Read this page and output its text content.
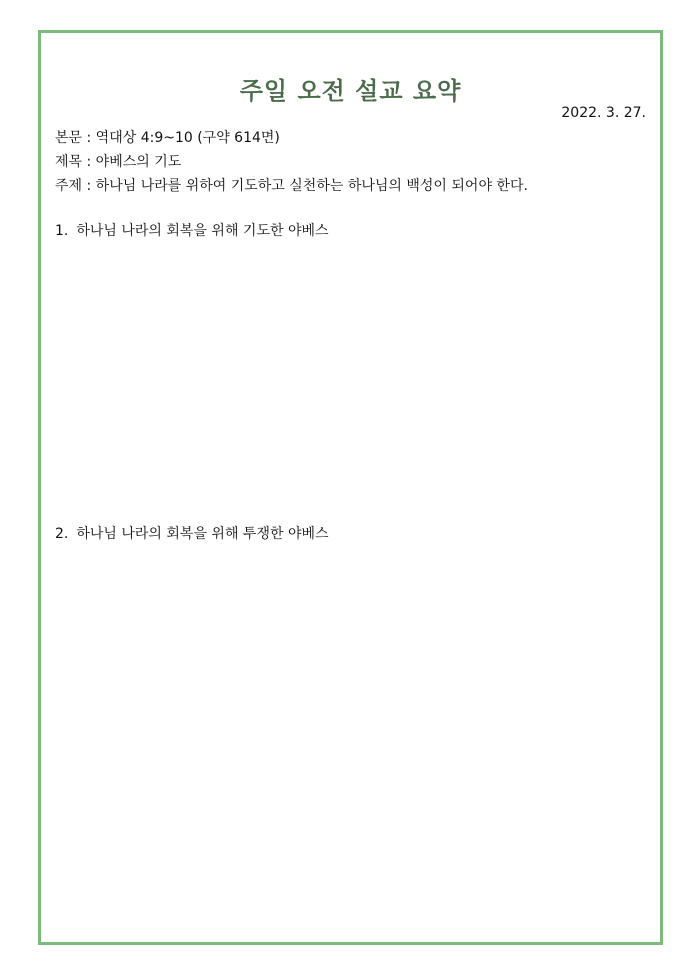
주일 오전 설교 요약
2022. 3. 27.
본문 : 역대상 4:9~10 (구약 614면)
제목 : 야베스의 기도
주제 : 하나님 나라를 위하여 기도하고 실천하는 하나님의 백성이 되어야 한다.
1. 하나님 나라의 회복을 위해 기도한 야베스
2. 하나님 나라의 회복을 위해 투쟁한 야베스
